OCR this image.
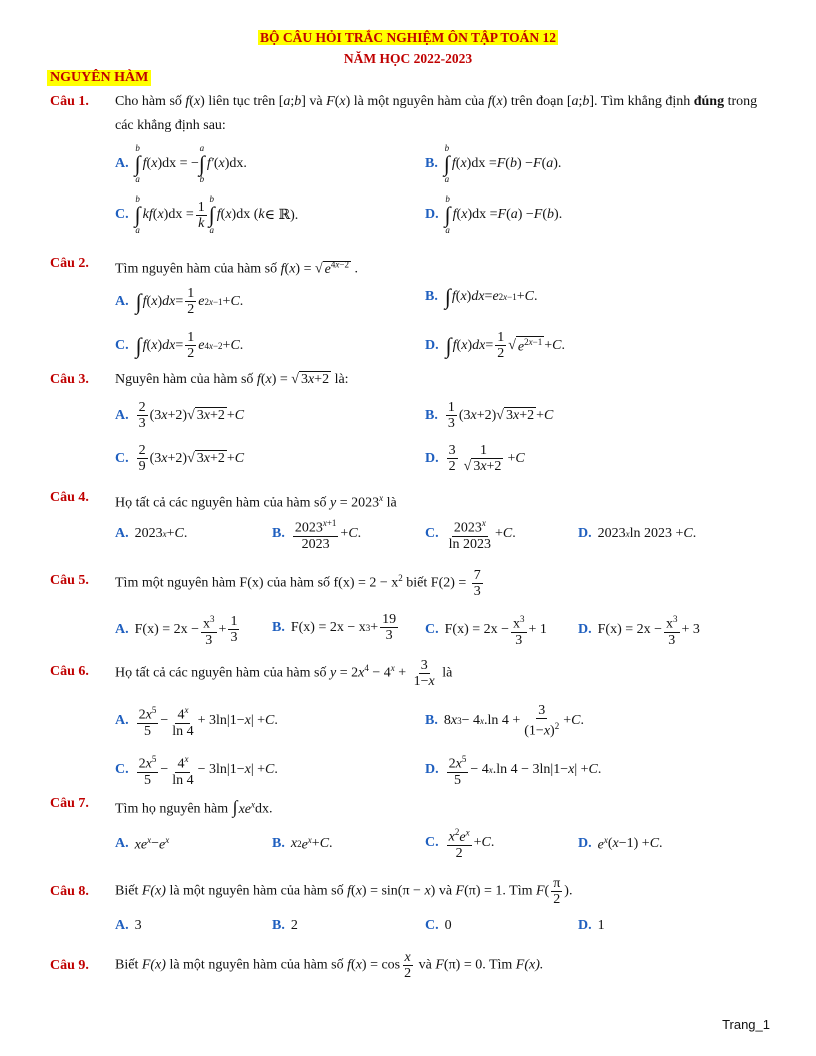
BỘ CÂU HỎI TRẮC NGHIỆM ÔN TẬP TOÁN 12
NĂM HỌC 2022-2023
NGUYÊN HÀM
Câu 1. Cho hàm số f(x) liên tục trên [a;b] và F(x) là một nguyên hàm của f(x) trên đoạn [a;b]. Tìm khẳng định đúng trong các khẳng định sau:
A.
b
∫
a
f ( x )dx = −
a
∫
b
f′ ( x )dx.	B.
b
∫
a
f ( x )dx = F ( b ) − F ( a ).
C.
b
∫
a
kf ( x )$dx = \frac{1}{k}$
b
∫
a
f ( x )dx ( k ∈ ℝ).	D.
b
∫
a
f ( x )dx = F ( a ) − F ( b ).
Câu 2. Tìm nguyên hàm của hàm số f(x) = √ $e^{4x-2}$ .
A. ∫ f ( x ) dx = $\frac{1}{2}$ e 2x−1 + C .	B. ∫ f ( x ) dx = e 2x−1 + C .
C. ∫ f ( x ) dx = $\frac{1}{2}$ e 4x−2 + C .	D. ∫ f ( x ) dx = $\frac{1}{2}$ √ $e^{2x-1} + C$ .
Câu 3. Nguyên hàm của hàm số f(x) = √ 3x+2 là:
A. $\frac{2}{3} (3$ x +2)√ 3x+2 + C	B. $\frac{1}{3} (3$ x +2)√ 3x+2 + C
C. $\frac{2}{9} (3$ x +2)√ 3x+2 + C	D. $\frac{3}{2} \frac{1}{√ 3x+2} + C$
Câu 4. Họ tất cả các nguyên hàm của hàm số $y = 2023^x$ là
A. 2023 x + C .	B. $\frac{2023^{x+1}}{2023} + C$ .	C. $\frac{2023^x}{\ln 2023} + C$ .	D. 2023 x ln 2023 + C .
Câu 5. Tìm một nguyên hàm F(x) của hàm số $f(x) = 2 - x^2$ biết $F(2) = \frac{7}{3}$
A. $F(x) = 2x - \frac{x^3}{3} + \frac{1}{3} B$. F(x) = 2x − x $3 + \frac{19}{3} C$. $F(x) = 2x - \frac{x^3}{3} + 1$ D. $F(x) = 2x - \frac{x^3}{3} + 3$
Câu 6. Họ tất cả các nguyên hàm của hàm số $y = 2x^4 - 4^x + \frac{3}{1-x}$ là
A. $\frac{2x^5}{5} - \frac{4^x}{\ln 4} + 3\ln|1- x$ | + C .	B. 8 x 3 − 4 x .ln $4 + \frac{3}{(1-x)^2} + C$ .
C. $\frac{2x^5}{5} - \frac{4^x}{\ln 4} - 3\ln|1- x$ | + C .	D. $\frac{2x^5}{5} - 4$ x .ln 4 − 3ln|1− x | + C .
Câu 7. Tìm họ nguyên hàm $\int xe^xdx$.
A. $xe^x - e^x$	B. x 2 $e^x + C$ .	C. $\frac{x^2e^x}{2} + C$ .	D. $e^x$ ( x −1) + C .
Câu 8. Biết F(x) là một nguyên hàm của hàm số f(x) = sin(π − x) và F(π) = 1. Tìm $F( \frac{\pi}{2}$ ).
A. 3	B. 2	C. 0	D. 1
Câu 9. Biết F(x) là một nguyên hàm của hàm số $f(x) = \cos \frac{x}{2}$ và F(π) = 0. Tìm F(x).
Trang_1
